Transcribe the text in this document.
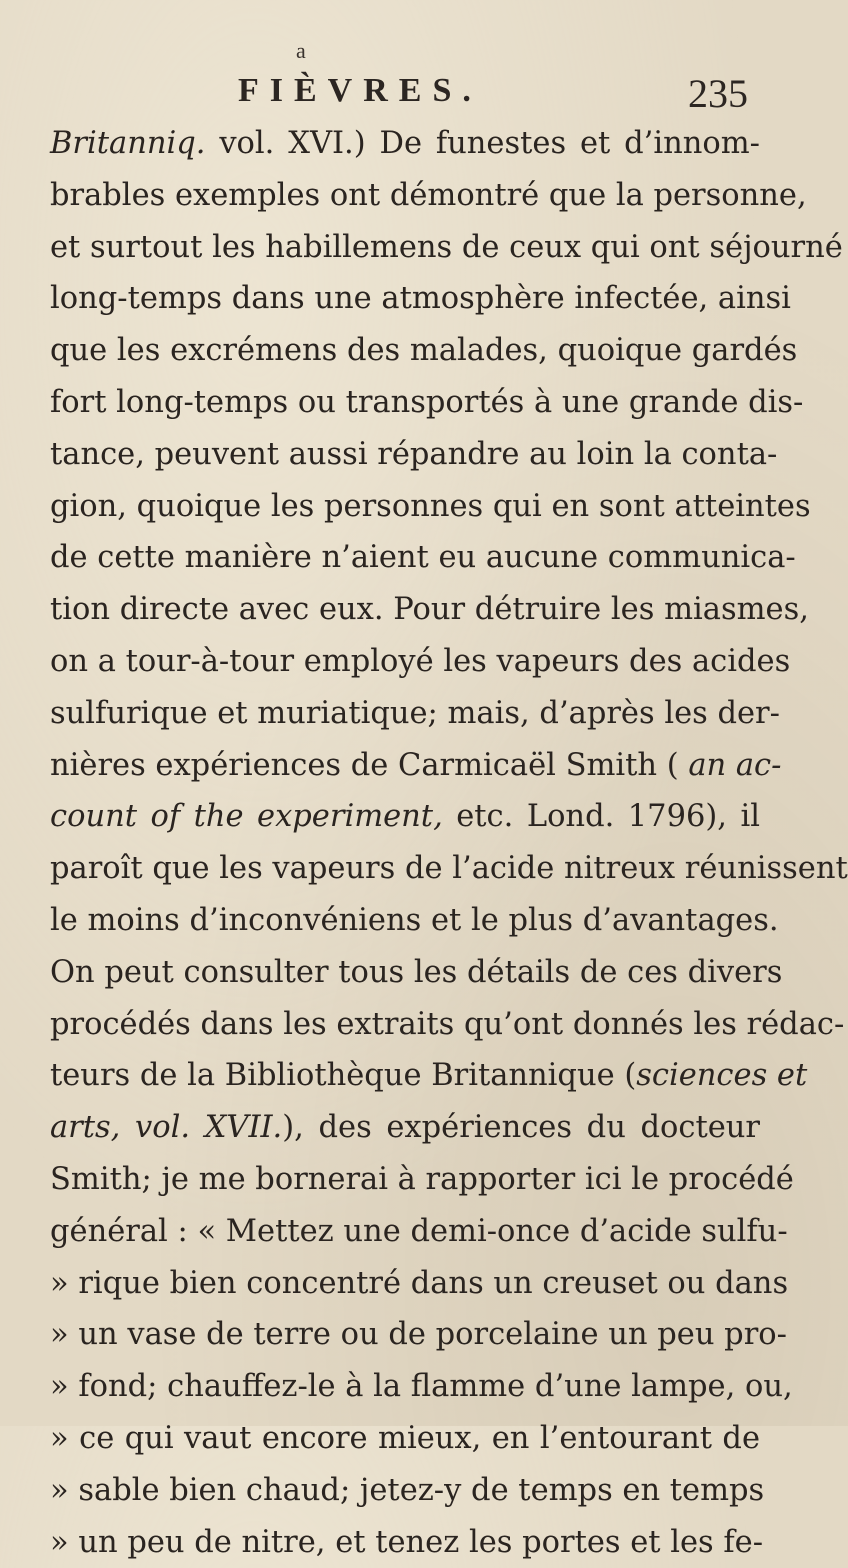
a
FIÈVRES.	235
Britanniq. vol. XVI.) De funestes et d’innom-
brables exemples ont démontré que la personne,
et surtout les habillemens de ceux qui ont séjourné
long-temps dans une atmosphère infectée, ainsi
que les excrémens des malades, quoique gardés
fort long-temps ou transportés à une grande dis-
tance, peuvent aussi répandre au loin la conta-
gion, quoique les personnes qui en sont atteintes
de cette manière n’aient eu aucune communica-
tion directe avec eux. Pour détruire les miasmes,
on a tour-à-tour employé les vapeurs des acides
sulfurique et muriatique; mais, d’après les der-
nières expériences de Carmicaël Smith ( an ac-
count of the experiment, etc. Lond. 1796), il
paroît que les vapeurs de l’acide nitreux réunissent
le moins d’inconvéniens et le plus d’avantages.
On peut consulter tous les détails de ces divers
procédés dans les extraits qu’ont donnés les rédac-
teurs de la Bibliothèque Britannique (sciences et
arts, vol. XVII.), des expériences du docteur
Smith; je me bornerai à rapporter ici le procédé
général : « Mettez une demi-once d’acide sulfu-
» rique bien concentré dans un creuset ou dans
» un vase de terre ou de porcelaine un peu pro-
» fond; chauffez-le à la flamme d’une lampe, ou,
» ce qui vaut encore mieux, en l’entourant de
» sable bien chaud; jetez-y de temps en temps
» un peu de nitre, et tenez les portes et les fe-
